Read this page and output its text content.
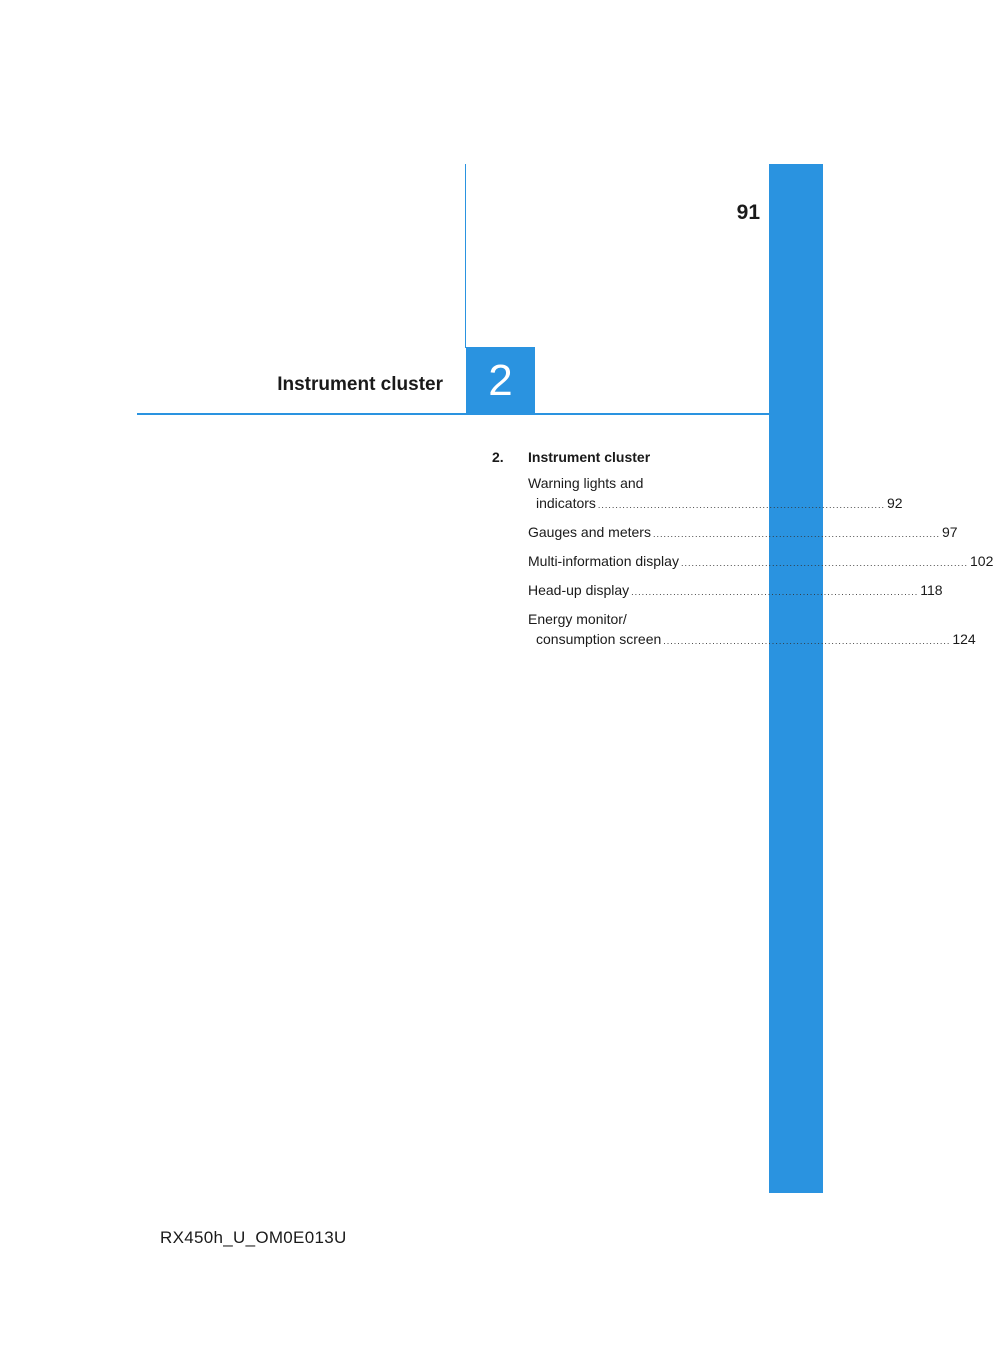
91
Instrument cluster 2
2.	Instrument cluster
Warning lights and
indicators .................................................................................. 92
Gauges and meters .................................................................................. 97
Multi-information display .................................................................................. 102
Head-up display .................................................................................. 118
Energy monitor/
consumption screen .................................................................................. 124
RX450h_U_OM0E013U
